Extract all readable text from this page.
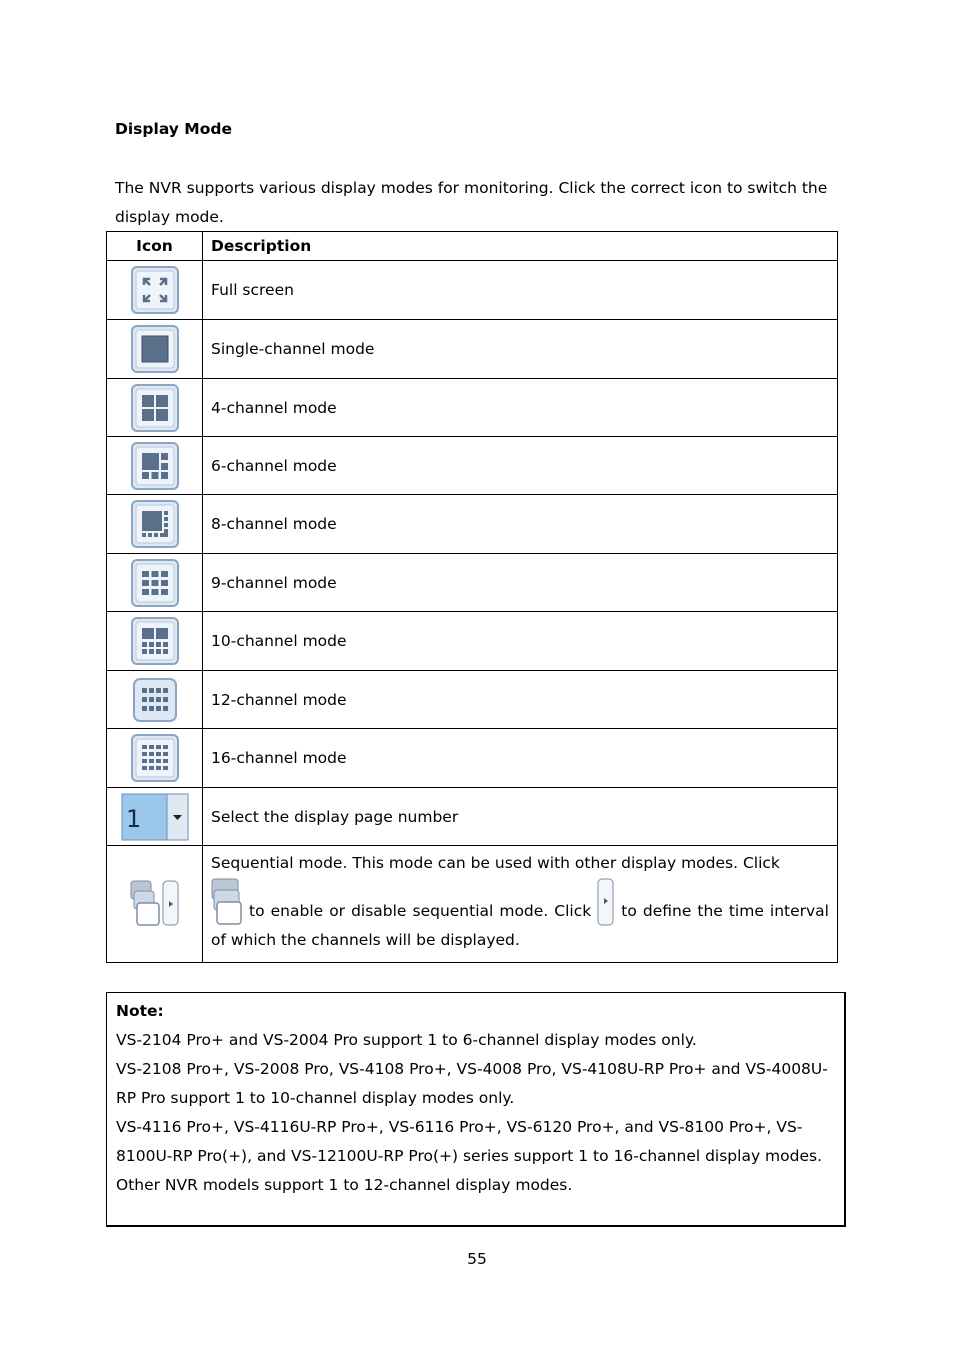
Display Mode
The NVR supports various display modes for monitoring. Click the correct icon to switch the display mode.
Icon	Description
	Full screen
	Single-channel mode
	4-channel mode
	6-channel mode
	8-channel mode
	9-channel mode
	10-channel mode
	12-channel mode
	16-channel mode

1	Select the display page number
	Sequential mode. This mode can be used with other display modes. Click
to enable or disable sequential mode. Click  to define the time interval of which the channels will be displayed.
Note:
VS-2104 Pro+ and VS-2004 Pro support 1 to 6-channel display modes only.
VS-2108 Pro+, VS-2008 Pro, VS-4108 Pro+, VS-4008 Pro, VS-4108U-RP Pro+ and VS-4008U-RP Pro support 1 to 10-channel display modes only.
VS-4116 Pro+, VS-4116U-RP Pro+, VS-6116 Pro+, VS-6120 Pro+, and VS-8100 Pro+, VS-8100U-RP Pro(+), and VS-12100U-RP Pro(+) series support 1 to 16-channel display modes.
Other NVR models support 1 to 12-channel display modes.
55
